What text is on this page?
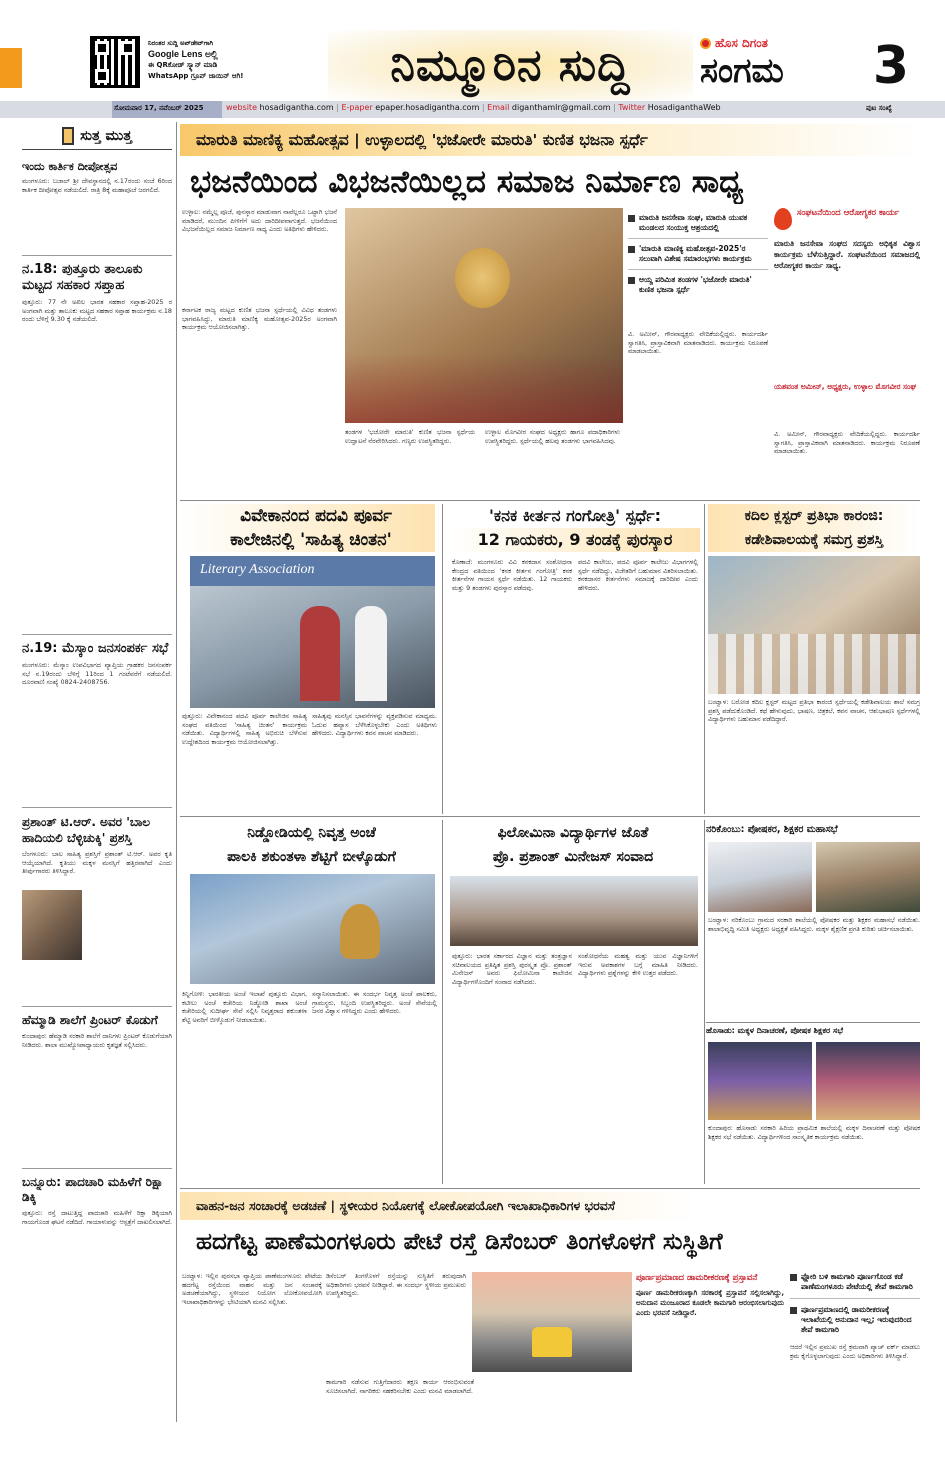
ನಿರಂತರ ಸುದ್ದಿ ಅಪ್‌ಡೇಟ್‌ಗಾಗಿ
Google Lens ಅಲ್ಲಿ
ಈ QRಕೋಡ್ ಸ್ಕ್ಯಾನ್ ಮಾಡಿ
WhatsApp ಗ್ರೂಪ್ ಜಾಯಿನ್ ಆಗಿ!	ನಿಮ್ಮೂರಿನ ಸುದ್ದಿ	ಹೊಸ ದಿಗಂತ
ಸಂಗಮ	3
ಸೋಮವಾರ 17, ನವೆಂಬರ್ 2025	website hosadigantha.com | E-paper epaper.hosadigantha.com | Email diganthamlr@gmail.com | Twitter HosadiganthaWeb	ಪುಟ ಸಂಖ್ಯೆ
ಸುತ್ತ ಮುತ್ತ
ಇಂದು ಕಾರ್ತಿಕ ದೀಪೋತ್ಸವ
ಮಂಗಳೂರು: ಬಜಾಲ್ ಶ್ರೀ ದೇವಸ್ಥಾನದಲ್ಲಿ ನ.17ರಂದು ಸಂಜೆ 6ರಿಂದ ಕಾರ್ತಿಕ ದೀಪೋತ್ಸವ ನಡೆಯಲಿದೆ. ರಾತ್ರಿ 8ಕ್ಕೆ ಮಹಾಪೂಜೆ ಜರಗಲಿದೆ.
ನ.18: ಪುತ್ತೂರು ತಾಲೂಕು ಮಟ್ಟದ ಸಹಕಾರ ಸಪ್ತಾಹ
ಪುತ್ತೂರು: 77 ನೇ ಅಖಿಲ ಭಾರತ ಸಹಕಾರ ಸಪ್ತಾಹ-2025 ರ ಅಂಗವಾಗಿ ಮತ್ತು ತಾಲೂಕು ಮಟ್ಟದ ಸಹಕಾರ ಸಪ್ತಾಹ ಕಾರ್ಯಕ್ರಮ ನ.18 ರಂದು ಬೆಳಿಗ್ಗೆ 9.30 ಕ್ಕೆ ನಡೆಯಲಿದೆ.
ನ.19: ಮೆಸ್ಕಾಂ ಜನಸಂಪರ್ಕ ಸಭೆ
ಮಂಗಳೂರು: ಮೆಸ್ಕಾಂ ಉಪವಿಭಾಗದ ವ್ಯಾಪ್ತಿಯ ಗ್ರಾಹಕರ ಜನಸಂಪರ್ಕ ಸಭೆ ನ.19ರಂದು ಬೆಳಿಗ್ಗೆ 11ರಿಂದ 1 ಗಂಟೆವರೆಗೆ ನಡೆಯಲಿದೆ. ದೂರವಾಣಿ ಸಂಖ್ಯೆ 0824-2408756.
ಪ್ರಶಾಂತ್ ಟಿ.ಆರ್. ಅವರ 'ಬಾಲ ಹಾದಿಯಲಿ ಬೆಳ್ಳಿಚುಕ್ಕಿ' ಪ್ರಶಸ್ತಿ
ಬೆಂಗಳೂರು: ಬಾಲ ಸಾಹಿತ್ಯ ಪ್ರಶಸ್ತಿಗೆ ಪ್ರಶಾಂತ್ ಟಿ.ಆರ್. ಅವರ ಕೃತಿ ಆಯ್ಕೆಯಾಗಿದೆ. ಕೃತಿಯು ಮಕ್ಕಳ ಮನಸ್ಸಿಗೆ ಹತ್ತಿರವಾಗಿದೆ ಎಂದು ತೀರ್ಪುಗಾರರು ತಿಳಿಸಿದ್ದಾರೆ.
ಹೆಮ್ಮಾಡಿ ಶಾಲೆಗೆ ಪ್ರಿಂಟರ್ ಕೊಡುಗೆ
ಕುಂದಾಪುರ: ಹೆಮ್ಮಾಡಿ ಸರಕಾರಿ ಶಾಲೆಗೆ ದಾನಿಗಳು ಪ್ರಿಂಟರ್ ಕೊಡುಗೆಯಾಗಿ ನೀಡಿದರು. ಶಾಲಾ ಮುಖ್ಯೋಪಾಧ್ಯಾಯರು ಕೃತಜ್ಞತೆ ಸಲ್ಲಿಸಿದರು.
ಬನ್ನೂರು: ಪಾದಚಾರಿ ಮಹಿಳೆಗೆ ರಿಕ್ಷಾ ಡಿಕ್ಕಿ
ಪುತ್ತೂರು: ರಸ್ತೆ ದಾಟುತ್ತಿದ್ದ ಪಾದಚಾರಿ ಮಹಿಳೆಗೆ ರಿಕ್ಷಾ ಡಿಕ್ಕಿಯಾಗಿ ಗಾಯಗೊಂಡ ಘಟನೆ ನಡೆದಿದೆ. ಗಾಯಾಳುವನ್ನು ಆಸ್ಪತ್ರೆಗೆ ದಾಖಲಿಸಲಾಗಿದೆ.
ಮಾರುತಿ ಮಾಣಿಕ್ಯ ಮಹೋತ್ಸವ | ಉಳ್ಳಾಲದಲ್ಲಿ 'ಭಜೋರೇ ಮಾರುತಿ' ಕುಣಿತ ಭಜನಾ ಸ್ಪರ್ಧೆ
ಭಜನೆಯಿಂದ ವಿಭಜನೆಯಿಲ್ಲದ ಸಮಾಜ ನಿರ್ಮಾಣ ಸಾಧ್ಯ
ಉಳ್ಳಾಲ: ನಮ್ಮೆಲ್ಲ ಪೂಜೆ, ಪುನಸ್ಕಾರ ಮಾಡುವಾಗ ನಾವೆಲ್ಲರೂ ಒಟ್ಟಾಗಿ ಭಜನೆ ಮಾಡಿದರೆ, ಮುಂದಿನ ಪೀಳಿಗೆಗೆ ಅದು ದಾರಿದೀಪವಾಗುತ್ತದೆ. ಭಜನೆಯಿಂದ ವಿಭಜನೆಯಿಲ್ಲದ ಸಮಾಜ ನಿರ್ಮಾಣ ಸಾಧ್ಯ ಎಂದು ಅತಿಥಿಗಳು ಹೇಳಿದರು.
ಕರ್ನಾಟಕ ರಾಜ್ಯ ಮಟ್ಟದ ಕುಣಿತ ಭಜನಾ ಸ್ಪರ್ಧೆಯಲ್ಲಿ ವಿವಿಧ ತಂಡಗಳು ಭಾಗವಹಿಸಿದ್ದು, ಮಾರುತಿ ಮಾಣಿಕ್ಯ ಮಹೋತ್ಸವ-2025ರ ಅಂಗವಾಗಿ ಕಾರ್ಯಕ್ರಮ ಆಯೋಜಿಸಲಾಗಿತ್ತು.
ತಂಡಗಳ 'ಭಜೋರೇ ಮಾರುತಿ' ಕುಣಿತ ಭಜನಾ ಸ್ಪರ್ಧೆಯ ಉದ್ಘಾಟನೆ ನೆರವೇರಿಸಿದರು. ಗಣ್ಯರು ಉಪಸ್ಥಿತರಿದ್ದರು.
ಉಳ್ಳಾಲ ಮೊಗವೀರ ಸಂಘದ ಅಧ್ಯಕ್ಷರು ಹಾಗೂ ಪದಾಧಿಕಾರಿಗಳು ಉಪಸ್ಥಿತರಿದ್ದರು. ಸ್ಪರ್ಧೆಯಲ್ಲಿ ಹಲವು ತಂಡಗಳು ಭಾಗವಹಿಸಿದವು.
ಮಾರುತಿ ಜನಸೇವಾ ಸಂಘ, ಮಾರುತಿ ಯುವಕ ಮಂಡಲದ ಸಂಯುಕ್ತ ಆಶ್ರಯದಲ್ಲಿ
'ಮಾರುತಿ ಮಾಣಿಕ್ಯ ಮಹೋತ್ಸವ-2025'ರ ಸಲುವಾಗಿ ವಿಶೇಷ ಸಮಾರಂಭಗಳು ಕಾರ್ಯಕ್ರಮ
ಆಯ್ದ ಪರಿಮಿತ ತಂಡಗಳ 'ಭಜೋರೇ ಮಾರುತಿ' ಕುಣಿತ ಭಜನಾ ಸ್ಪರ್ಧೆ
ವಿ. ಅಮೀನ್, ಗೌರವಾಧ್ಯಕ್ಷರು ವೇದಿಕೆಯಲ್ಲಿದ್ದರು. ಕಾರ್ಯದರ್ಶಿ ಸ್ವಾಗತಿಸಿ, ಪ್ರಾಸ್ತಾವಿಕವಾಗಿ ಮಾತನಾಡಿದರು. ಕಾರ್ಯಕ್ರಮ ನಿರೂಪಣೆ ಮಾಡಲಾಯಿತು.
ಸಂಘಟನೆಯಿಂದ ಆರೋಗ್ಯಕರ ಕಾರ್ಯ
ಮಾರುತಿ ಜನಸೇವಾ ಸಂಘದ ಸದಸ್ಯರು ಅಧಿಕೃತ ವಿಶ್ವಾಸ ಕಾರ್ಯಕ್ರಮ ಬೆಳೆಸುತ್ತಿದ್ದಾರೆ. ಸಂಘಟನೆಯಿಂದ ಸಮಾಜದಲ್ಲಿ ಆರೋಗ್ಯಕರ ಕಾರ್ಯ ಸಾಧ್ಯ.
ಯಶವಂತ ಅಮೀನ್, ಅಧ್ಯಕ್ಷರು, ಉಳ್ಳಾಲ ಮೊಗವೀರ ಸಂಘ
ವಿ. ಅಮೀನ್, ಗೌರವಾಧ್ಯಕ್ಷರು ವೇದಿಕೆಯಲ್ಲಿದ್ದರು. ಕಾರ್ಯದರ್ಶಿ ಸ್ವಾಗತಿಸಿ, ಪ್ರಾಸ್ತಾವಿಕವಾಗಿ ಮಾತನಾಡಿದರು. ಕಾರ್ಯಕ್ರಮ ನಿರೂಪಣೆ ಮಾಡಲಾಯಿತು.
ವಿವೇಕಾನಂದ ಪದವಿ ಪೂರ್ವ
ಕಾಲೇಜಿನಲ್ಲಿ 'ಸಾಹಿತ್ಯ ಚಿಂತನ'
Literary Association
ಪುತ್ತೂರು: ವಿವೇಕಾನಂದ ಪದವಿ ಪೂರ್ವ ಕಾಲೇಜಿನ ಸಾಹಿತ್ಯ ಸಂಘದ ವತಿಯಿಂದ 'ಸಾಹಿತ್ಯ ಚಿಂತನ' ಕಾರ್ಯಕ್ರಮ ನಡೆಯಿತು. ವಿದ್ಯಾರ್ಥಿಗಳಲ್ಲಿ ಸಾಹಿತ್ಯ ಅಭಿರುಚಿ ಬೆಳೆಸುವ ಉದ್ದೇಶದಿಂದ ಕಾರ್ಯಕ್ರಮ ಆಯೋಜಿಸಲಾಗಿತ್ತು.
ಸಾಹಿತ್ಯವು ಮನಸ್ಸಿನ ಭಾವನೆಗಳನ್ನು ವ್ಯಕ್ತಪಡಿಸುವ ಮಾಧ್ಯಮ. ಓದುವ ಹವ್ಯಾಸ ಬೆಳೆಸಿಕೊಳ್ಳಬೇಕು ಎಂದು ಅತಿಥಿಗಳು ಹೇಳಿದರು. ವಿದ್ಯಾರ್ಥಿಗಳು ಕವನ ವಾಚನ ಮಾಡಿದರು.
'ಕನಕ ಕೀರ್ತನ ಗಂಗೋತ್ರಿ' ಸ್ಪರ್ಧೆ:
12 ಗಾಯಕರು, 9 ತಂಡಕ್ಕೆ ಪುರಸ್ಕಾರ
ಕೊಣಾಜೆ: ಮಂಗಳೂರು ವಿವಿ ಕನಕದಾಸ ಸಂಶೋಧನಾ ಕೇಂದ್ರದ ವತಿಯಿಂದ 'ಕನಕ ಕೀರ್ತನ ಗಂಗೋತ್ರಿ' ಕನಕ ಕೀರ್ತನೆಗಳ ಗಾಯನ ಸ್ಪರ್ಧೆ ನಡೆಯಿತು. 12 ಗಾಯಕರು ಮತ್ತು 9 ತಂಡಗಳು ಪುರಸ್ಕಾರ ಪಡೆದವು.
ಪದವಿ ಕಾಲೇಜು, ಪದವಿ ಪೂರ್ವ ಕಾಲೇಜು ವಿಭಾಗಗಳಲ್ಲಿ ಸ್ಪರ್ಧೆ ನಡೆದಿದ್ದು, ವಿಜೇತರಿಗೆ ಬಹುಮಾನ ವಿತರಿಸಲಾಯಿತು. ಕನಕದಾಸರ ಕೀರ್ತನೆಗಳು ಸಮಾಜಕ್ಕೆ ದಾರಿದೀಪ ಎಂದು ಹೇಳಿದರು.
ಕದಿಲ ಕ್ಲಸ್ಟರ್ ಪ್ರತಿಭಾ ಕಾರಂಜಿ:
ಕಡೇಶಿವಾಲಯಕ್ಕೆ ಸಮಗ್ರ ಪ್ರಶಸ್ತಿ
ಬಂಟ್ವಾಳ: ಬರೋಡ ಕದಿಲ ಕ್ಲಸ್ಟರ್ ಮಟ್ಟದ ಪ್ರತಿಭಾ ಕಾರಂಜಿ ಸ್ಪರ್ಧೆಯಲ್ಲಿ ಕಡೇಶಿವಾಲಯ ಶಾಲೆ ಸಮಗ್ರ ಪ್ರಶಸ್ತಿ ಪಡೆದುಕೊಂಡಿದೆ. ಕಥೆ ಹೇಳುವುದು, ಭಾಷಣ, ಚಿತ್ರಕಲೆ, ಕವನ ವಾಚನ, ಆಶುಭಾಷಣ ಸ್ಪರ್ಧೆಗಳಲ್ಲಿ ವಿದ್ಯಾರ್ಥಿಗಳು ಬಹುಮಾನ ಪಡೆದಿದ್ದಾರೆ.
ನಿಡ್ಡೋಡಿಯಲ್ಲಿ ನಿವೃತ್ತ ಅಂಚೆ
ಪಾಲಕಿ ಶಕುಂತಳಾ ಶೆಟ್ಟಿಗೆ ಬೀಳ್ಕೊಡುಗೆ
ಕಿನ್ನಿಗೋಳಿ: ಭಾರತೀಯ ಅಂಚೆ ಇಲಾಖೆ ಪುತ್ತೂರು ವಿಭಾಗ, ಕಟೀಲು ಅಂಚೆ ಕಚೇರಿಯ ನಿಡ್ಡೋಡಿ ಶಾಖಾ ಅಂಚೆ ಕಚೇರಿಯಲ್ಲಿ ಸುದೀರ್ಘ ಸೇವೆ ಸಲ್ಲಿಸಿ ನಿವೃತ್ತರಾದ ಶಕುಂತಳಾ ಶೆಟ್ಟಿ ಅವರಿಗೆ ಬೀಳ್ಕೊಡುಗೆ ನೀಡಲಾಯಿತು.
ಸನ್ಮಾನಿಸಲಾಯಿತು. ಈ ಸಂದರ್ಭ ನಿವೃತ್ತ ಅಂಚೆ ಪಾಲಕರು, ಗ್ರಾಮಸ್ಥರು, ಸಿಬ್ಬಂದಿ ಉಪಸ್ಥಿತರಿದ್ದರು. ಅಂಚೆ ಸೇವೆಯಲ್ಲಿ ಜನರ ವಿಶ್ವಾಸ ಗಳಿಸಿದ್ದರು ಎಂದು ಹೇಳಿದರು.
ಫಿಲೋಮಿನಾ ವಿದ್ಯಾರ್ಥಿಗಳ ಜೊತೆ
ಪ್ರೊ. ಪ್ರಶಾಂತ್ ಮಿನೇಜಸ್ ಸಂವಾದ
ಪುತ್ತೂರು: ಭಾರತ ಸರ್ಕಾರದ ವಿಜ್ಞಾನ ಮತ್ತು ತಂತ್ರಜ್ಞಾನ ಸಚಿವಾಲಯದ ಪ್ರತಿಷ್ಠಿತ ಪ್ರಶಸ್ತಿ ಪುರಸ್ಕೃತ ಪ್ರೊ. ಪ್ರಶಾಂತ್ ಮಿನೇಜಸ್ ಅವರು ಫಿಲೋಮಿನಾ ಕಾಲೇಜಿನ ವಿದ್ಯಾರ್ಥಿಗಳೊಂದಿಗೆ ಸಂವಾದ ನಡೆಸಿದರು.
ಸಂಶೋಧನೆಯ ಮಹತ್ವ ಮತ್ತು ಯುವ ವಿಜ್ಞಾನಿಗಳಿಗೆ ಇರುವ ಅವಕಾಶಗಳ ಬಗ್ಗೆ ಮಾಹಿತಿ ನೀಡಿದರು. ವಿದ್ಯಾರ್ಥಿಗಳು ಪ್ರಶ್ನೆಗಳನ್ನು ಕೇಳಿ ಉತ್ತರ ಪಡೆದರು.
ನರಿಕೊಂಬು: ಪೋಷಕರ, ಶಿಕ್ಷಕರ ಮಹಾಸಭೆ
ಬಂಟ್ವಾಳ: ನರಿಕೊಂಬು ಗ್ರಾಮದ ಸರಕಾರಿ ಶಾಲೆಯಲ್ಲಿ ಪೋಷಕರ ಮತ್ತು ಶಿಕ್ಷಕರ ಮಹಾಸಭೆ ನಡೆಯಿತು. ಶಾಲಾಭಿವೃದ್ಧಿ ಸಮಿತಿ ಅಧ್ಯಕ್ಷರು ಅಧ್ಯಕ್ಷತೆ ವಹಿಸಿದ್ದರು. ಮಕ್ಕಳ ಶೈಕ್ಷಣಿಕ ಪ್ರಗತಿ ಕುರಿತು ಚರ್ಚಿಸಲಾಯಿತು.
ಹೊಸಾಡು: ಮಕ್ಕಳ ದಿನಾಚರಣೆ, ಪೋಷಕ ಶಿಕ್ಷಕರ ಸಭೆ
ಕುಂದಾಪುರ: ಹೊಸಾಡು ಸರಕಾರಿ ಹಿರಿಯ ಪ್ರಾಥಮಿಕ ಶಾಲೆಯಲ್ಲಿ ಮಕ್ಕಳ ದಿನಾಚರಣೆ ಮತ್ತು ಪೋಷಕ ಶಿಕ್ಷಕರ ಸಭೆ ನಡೆಯಿತು. ವಿದ್ಯಾರ್ಥಿಗಳಿಂದ ಸಾಂಸ್ಕೃತಿಕ ಕಾರ್ಯಕ್ರಮ ನಡೆಯಿತು.
ವಾಹನ-ಜನ ಸಂಚಾರಕ್ಕೆ ಅಡಚಣೆ | ಸ್ಥಳೀಯರ ನಿಯೋಗಕ್ಕೆ ಲೋಕೋಪಯೋಗಿ ಇಲಾಖಾಧಿಕಾರಿಗಳ ಭರವಸೆ
ಹದಗೆಟ್ಟ ಪಾಣೆಮಂಗಳೂರು ಪೇಟೆ ರಸ್ತೆ ಡಿಸೆಂಬರ್ ತಿಂಗಳೊಳಗೆ ಸುಸ್ಥಿತಿಗೆ
ಬಂಟ್ವಾಳ: ಇಲ್ಲಿನ ಪುರಸಭಾ ವ್ಯಾಪ್ತಿಯ ಪಾಣೆಮಂಗಳೂರು ಪೇಟೆಯ ಹದಗೆಟ್ಟ ರಸ್ತೆಯಿಂದ ವಾಹನ ಮತ್ತು ಜನ ಸಂಚಾರಕ್ಕೆ ಅಡಚಣೆಯಾಗಿದ್ದು, ಸ್ಥಳೀಯರ ನಿಯೋಗ ಲೋಕೋಪಯೋಗಿ ಇಲಾಖಾಧಿಕಾರಿಗಳನ್ನು ಭೇಟಿಯಾಗಿ ಮನವಿ ಸಲ್ಲಿಸಿತು.
ಡಿಸೆಂಬರ್ ತಿಂಗಳೊಳಗೆ ರಸ್ತೆಯನ್ನು ಸುಸ್ಥಿತಿಗೆ ತರುವುದಾಗಿ ಅಧಿಕಾರಿಗಳು ಭರವಸೆ ನೀಡಿದ್ದಾರೆ. ಈ ಸಂದರ್ಭ ಸ್ಥಳೀಯ ಪ್ರಮುಖರು ಉಪಸ್ಥಿತರಿದ್ದರು.
ಪೂರ್ಣಪ್ರಮಾಣದ ಡಾಮರೀಕರಣಕ್ಕೆ ಪ್ರಸ್ತಾವನೆ
ಪೂರ್ಣ ಡಾಮರೀಕರಣಕ್ಕಾಗಿ ಸರಕಾರಕ್ಕೆ ಪ್ರಸ್ತಾವನೆ ಸಲ್ಲಿಸಲಾಗಿದ್ದು, ಅನುದಾನ ಮಂಜೂರಾದ ಕೂಡಲೇ ಕಾಮಗಾರಿ ಆರಂಭಿಸಲಾಗುವುದು ಎಂದು ಭರವಸೆ ನೀಡಿದ್ದಾರೆ.
ಕಾಮಗಾರಿ ನಡೆಸುವ ಗುತ್ತಿಗೆದಾರರು ತಕ್ಷಣ ಕಾರ್ಯ ಆರಂಭಿಸುವಂತೆ ಸೂಚಿಸಲಾಗಿದೆ. ನಾಗರಿಕರು ಸಹಕರಿಸಬೇಕು ಎಂದು ಮನವಿ ಮಾಡಲಾಗಿದೆ.
ಫ್ಲೋರಿ ಬಳಿ ಕಾಮಗಾರಿ ಪೂರ್ಣಗೊಂಡ ಕಡೆ ಪಾಣೆಮಂಗಳೂರು ಪೇಟೆಯಲ್ಲಿ ತೇಪೆ ಕಾಮಗಾರಿ
ಪೂರ್ಣಪ್ರಮಾಣದಲ್ಲಿ ಡಾಮರೀಕರಣಕ್ಕೆ ಇಲಾಖೆಯಲ್ಲಿ ಅನುದಾನ ಇಲ್ಲ; ಇರುವುದರಿಂದ ತೇಪೆ ಕಾಮಗಾರಿ
ಆದರೆ ಇಲ್ಲಿನ ಪ್ರಮುಖ ರಸ್ತೆ ಕ್ರಮವಾಗಿ ಪ್ಯಾಚ್ ವರ್ಕ್ ಮಾಡಲು ಕ್ರಮ ಕೈಗೊಳ್ಳಲಾಗುವುದು ಎಂದು ಅಧಿಕಾರಿಗಳು ತಿಳಿಸಿದ್ದಾರೆ.
